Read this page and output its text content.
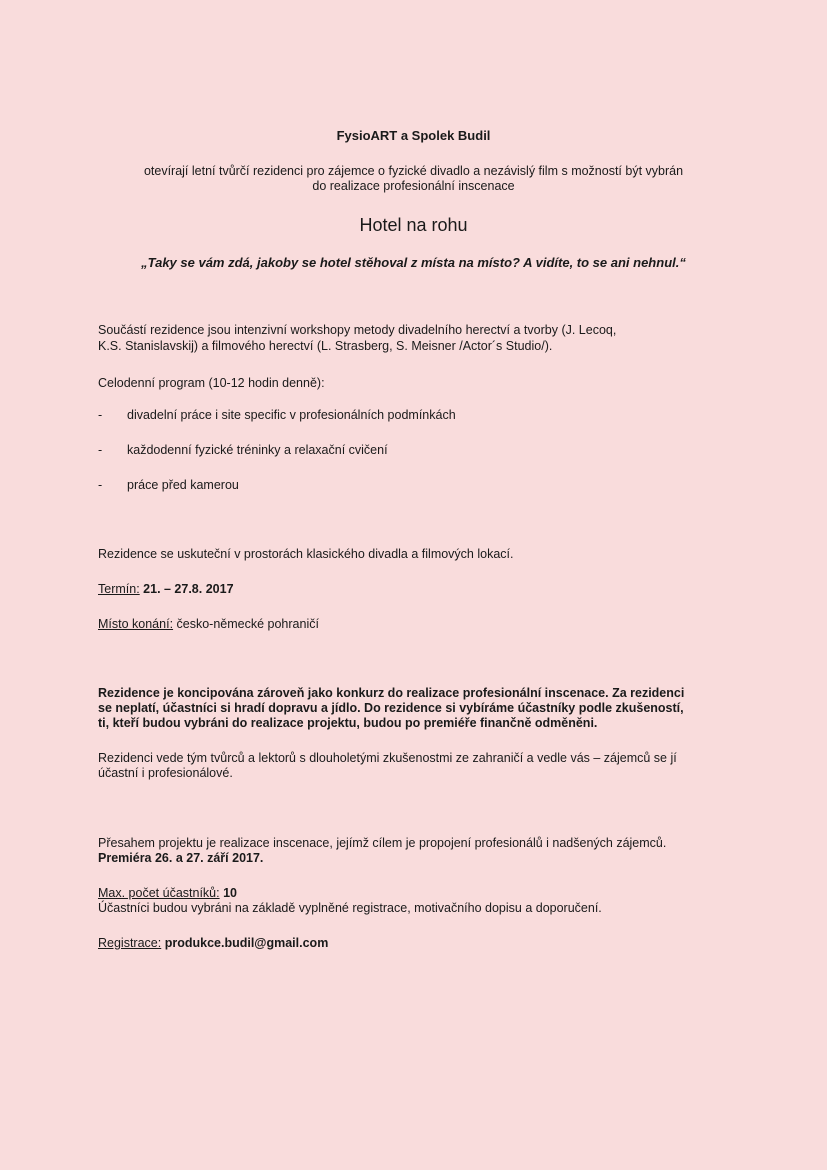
FysioART a Spolek Budil

otevírají letní tvůrčí rezidenci pro zájemce o fyzické divadlo a nezávislý film s možností být vybrán

do realizace profesionální inscenace

Hotel na rohu

„Taky se vám zdá, jakoby se hotel stěhoval z místa na místo? A vidíte, to se ani nehnul.“

Součástí rezidence jsou intenzivní workshopy metody divadelního herectví a tvorby (J. Lecoq,

K.S. Stanislavskij) a filmového herectví (L. Strasberg, S. Meisner /Actor´s Studio/).

Celodenní program (10-12 hodin denně):

- divadelní práce i site specific v profesionálních podmínkách
- každodenní fyzické tréninky a relaxační cvičení
- práce před kamerou

Rezidence se uskuteční v prostorách klasického divadla a filmových lokací.

Termín: 21. – 27.8. 2017

Místo konání: česko-německé pohraničí

Rezidence je koncipována zároveň jako konkurz do realizace profesionální inscenace. Za rezidenci

se neplatí, účastníci si hradí dopravu a jídlo. Do rezidence si vybíráme účastníky podle zkušeností,

ti, kteří budou vybráni do realizace projektu, budou po premiéře finančně odměněni.

Rezidenci vede tým tvůrců a lektorů s dlouholetými zkušenostmi ze zahraničí a vedle vás – zájemců se jí

účastní i profesionálové.

Přesahem projektu je realizace inscenace, jejímž cílem je propojení profesionálů i nadšených zájemců.

Premiéra 26. a 27. září 2017.

Max. počet účastníků: 10

Účastníci budou vybráni na základě vyplněné registrace, motivačního dopisu a doporučení.

Registrace: produkce.budil@gmail.com
